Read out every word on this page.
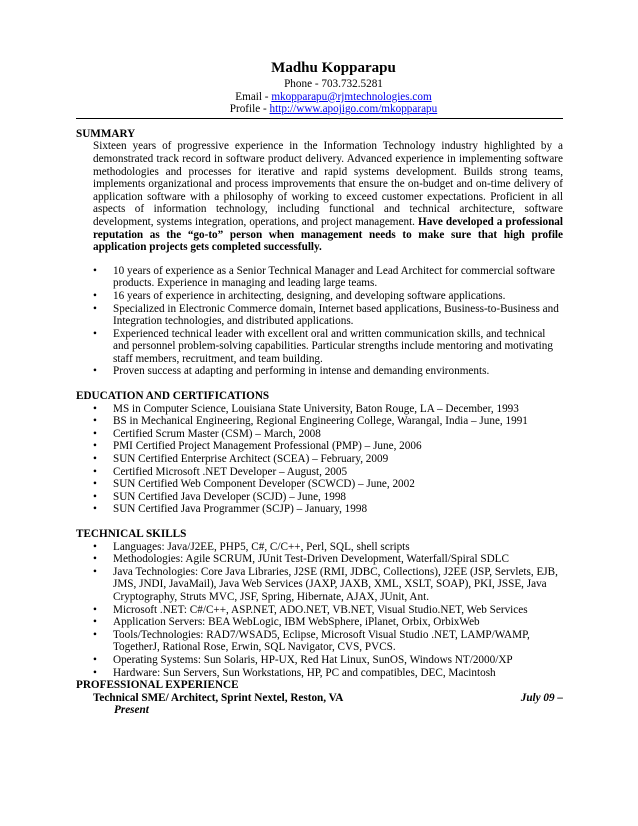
Madhu Kopparapu
Phone - 703.732.5281
Email - mkopparapu@rjmtechnologies.com
Profile - http://www.apojigo.com/mkopparapu
SUMMARY
Sixteen years of progressive experience in the Information Technology industry highlighted by a demonstrated track record in software product delivery. Advanced experience in implementing software methodologies and processes for iterative and rapid systems development. Builds strong teams, implements organizational and process improvements that ensure the on-budget and on-time delivery of application software with a philosophy of working to exceed customer expectations. Proficient in all aspects of information technology, including functional and technical architecture, software development, systems integration, operations, and project management. Have developed a professional reputation as the “go-to” person when management needs to make sure that high profile application projects gets completed successfully.
• 10 years of experience as a Senior Technical Manager and Lead Architect for commercial software products. Experience in managing and leading large teams.
• 16 years of experience in architecting, designing, and developing software applications.
• Specialized in Electronic Commerce domain, Internet based applications, Business-to-Business and Integration technologies, and distributed applications.
• Experienced technical leader with excellent oral and written communication skills, and technical and personnel problem-solving capabilities. Particular strengths include mentoring and motivating staff members, recruitment, and team building.
• Proven success at adapting and performing in intense and demanding environments.
EDUCATION AND CERTIFICATIONS
• MS in Computer Science, Louisiana State University, Baton Rouge, LA – December, 1993
• BS in Mechanical Engineering, Regional Engineering College, Warangal, India – June, 1991
• Certified Scrum Master (CSM) – March, 2008
• PMI Certified Project Management Professional (PMP) – June, 2006
• SUN Certified Enterprise Architect (SCEA) – February, 2009
• Certified Microsoft .NET Developer – August, 2005
• SUN Certified Web Component Developer (SCWCD) – June, 2002
• SUN Certified Java Developer (SCJD) – June, 1998
• SUN Certified Java Programmer (SCJP) – January, 1998
TECHNICAL SKILLS
• Languages: Java/J2EE, PHP5, C#, C/C++, Perl, SQL, shell scripts
• Methodologies: Agile SCRUM, JUnit Test-Driven Development, Waterfall/Spiral SDLC
• Java Technologies: Core Java Libraries, J2SE (RMI, JDBC, Collections), J2EE (JSP, Servlets, EJB, JMS, JNDI, JavaMail), Java Web Services (JAXP, JAXB, XML, XSLT, SOAP), PKI, JSSE, Java Cryptography, Struts MVC, JSF, Spring, Hibernate, AJAX, JUnit, Ant.
• Microsoft .NET: C#/C++, ASP.NET, ADO.NET, VB.NET, Visual Studio.NET, Web Services
• Application Servers: BEA WebLogic, IBM WebSphere, iPlanet, Orbix, OrbixWeb
• Tools/Technologies: RAD7/WSAD5, Eclipse, Microsoft Visual Studio .NET, LAMP/WAMP, TogetherJ, Rational Rose, Erwin, SQL Navigator, CVS, PVCS.
• Operating Systems: Sun Solaris, HP-UX, Red Hat Linux, SunOS, Windows NT/2000/XP
• Hardware: Sun Servers, Sun Workstations, HP, PC and compatibles, DEC, Macintosh
PROFESSIONAL EXPERIENCE
Technical SME/ Architect, Sprint Nextel, Reston, VA	July 09 –
Present
